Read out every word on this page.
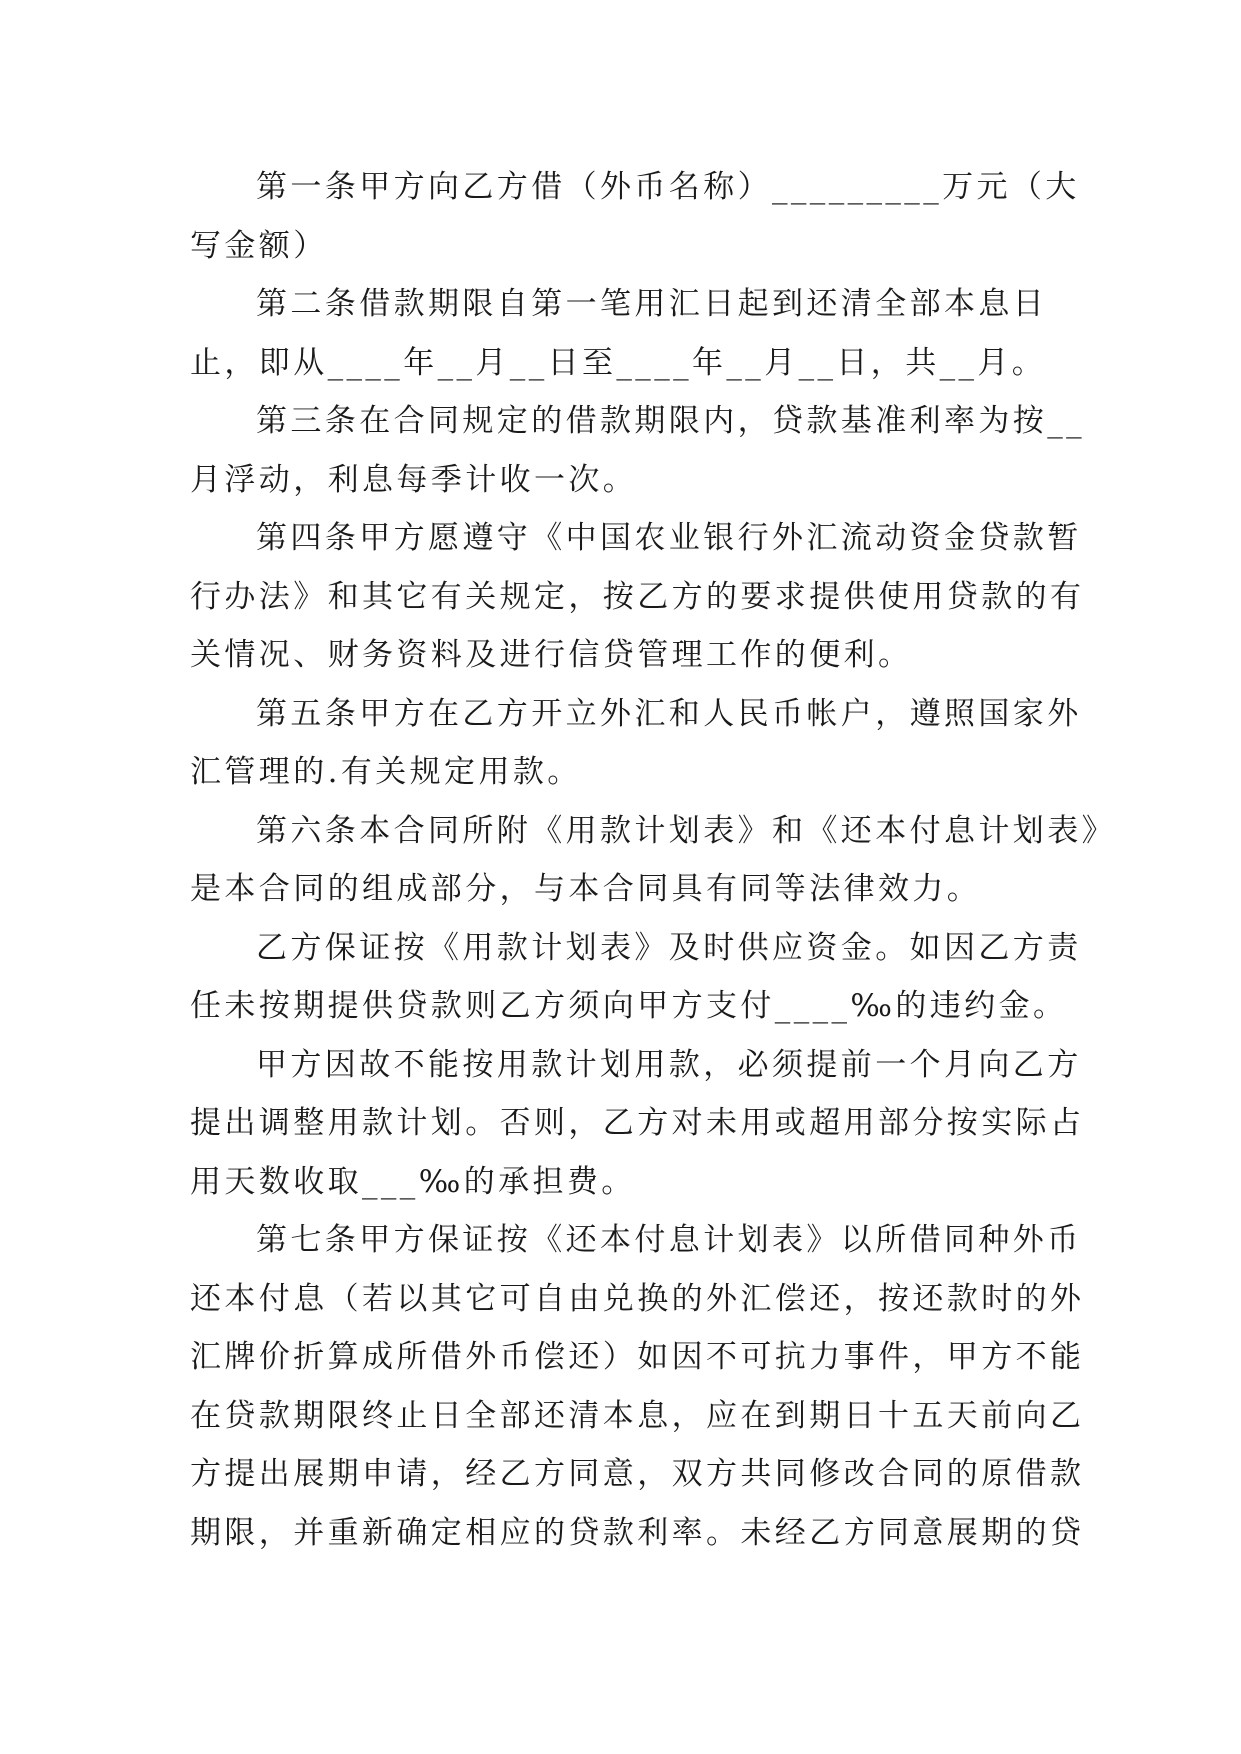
第一条甲方向乙方借（外币名称）_________万元（大
写金额）
第二条借款期限自第一笔用汇日起到还清全部本息日
止，即从____年__月__日至____年__月__日，共__月。
第三条在合同规定的借款期限内，贷款基准利率为按__
月浮动，利息每季计收一次。
第四条甲方愿遵守《中国农业银行外汇流动资金贷款暂
行办法》和其它有关规定，按乙方的要求提供使用贷款的有
关情况、财务资料及进行信贷管理工作的便利。
第五条甲方在乙方开立外汇和人民币帐户，遵照国家外
汇管理的.有关规定用款。
第六条本合同所附《用款计划表》和《还本付息计划表》
是本合同的组成部分，与本合同具有同等法律效力。
乙方保证按《用款计划表》及时供应资金。如因乙方责
任未按期提供贷款则乙方须向甲方支付____‰的违约金。
甲方因故不能按用款计划用款，必须提前一个月向乙方
提出调整用款计划。否则，乙方对未用或超用部分按实际占
用天数收取___‰的承担费。
第七条甲方保证按《还本付息计划表》以所借同种外币
还本付息（若以其它可自由兑换的外汇偿还，按还款时的外
汇牌价折算成所借外币偿还）如因不可抗力事件，甲方不能
在贷款期限终止日全部还清本息，应在到期日十五天前向乙
方提出展期申请，经乙方同意，双方共同修改合同的原借款
期限，并重新确定相应的贷款利率。未经乙方同意展期的贷
